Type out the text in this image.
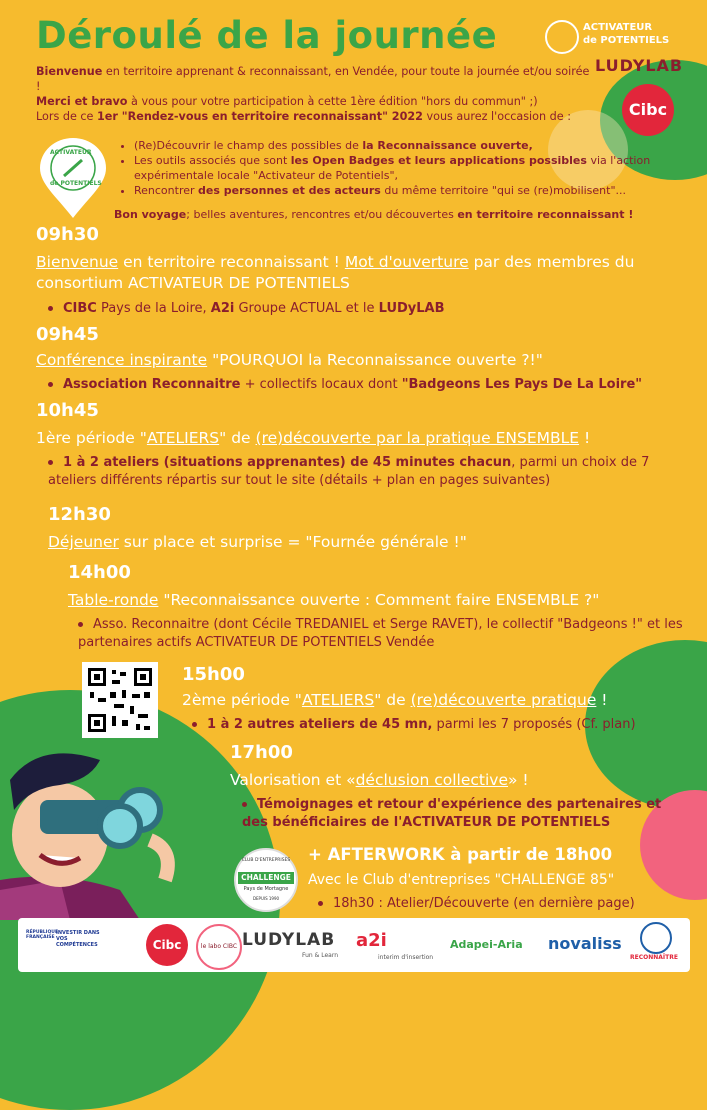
Déroulé de la journée	ACTIVATEUR
de POTENTIELS
LUDYLAB
Cibc

Bienvenue en territoire apprenant & reconnaissant, en Vendée, pour toute la journée et/ou soirée !

Merci et bravo à vous pour votre participation à cette 1ère édition "hors du commun" ;)

Lors de ce 1er "Rendez-vous en territoire reconnaissant" 2022 vous aurez l'occasion de :

ACTIVATEUR
de POTENTIELS
• (Re)Découvrir le champ des possibles de la Reconnaissance ouverte,
• Les outils associés que sont les Open Badges et leurs applications possibles via l'action expérimentale locale "Activateur de Potentiels",
• Rencontrer des personnes et des acteurs du même territoire "qui se (re)mobilisent"...
Bon voyage; belles aventures, rencontres et/ou découvertes en territoire reconnaissant !
09h30
Bienvenue en territoire reconnaissant ! Mot d'ouverture par des membres du consortium ACTIVATEUR DE POTENTIELS
CIBC Pays de la Loire, A2i Groupe ACTUAL et le LUDyLAB
09h45
Conférence inspirante "POURQUOI la Reconnaissance ouverte ?!"
Association Reconnaitre + collectifs locaux dont "Badgeons Les Pays De La Loire"
10h45
1ère période "ATELIERS" de (re)découverte par la pratique ENSEMBLE !
1 à 2 ateliers (situations apprenantes) de 45 minutes chacun, parmi un choix de 7 ateliers différents répartis sur tout le site (détails + plan en pages suivantes)
12h30
Déjeuner sur place et surprise = "Fournée générale !"
14h00
Table-ronde "Reconnaissance ouverte : Comment faire ENSEMBLE ?"
Asso. Reconnaitre (dont Cécile TREDANIEL et Serge RAVET), le collectif "Badgeons !" et les partenaires actifs ACTIVATEUR DE POTENTIELS Vendée
15h00
2ème période "ATELIERS" de (re)découverte pratique !
1 à 2 autres ateliers de 45 mn, parmi les 7 proposés (Cf. plan)
17h00
Valorisation et «déclusion collective» !
Témoignages et retour d'expérience des partenaires et des bénéficiaires de l'ACTIVATEUR DE POTENTIELS
CLUB D'ENTREPRISES
CHALLENGE
Pays de Mortagne
DEPUIS 1990
+ AFTERWORK à partir de 18h00
Avec le Club d'entreprises "CHALLENGE 85"
18h30 : Atelier/Découverte (en dernière page)
RÉPUBLIQUE FRANÇAISE
INVESTIR DANS VOS COMPÉTENCES	Cibc	le labo CIBC LUDYLAB
Fun & Learn
a2i
interim d'insertion
Adapei-Aria novaliss
RECONNAÎTRE
